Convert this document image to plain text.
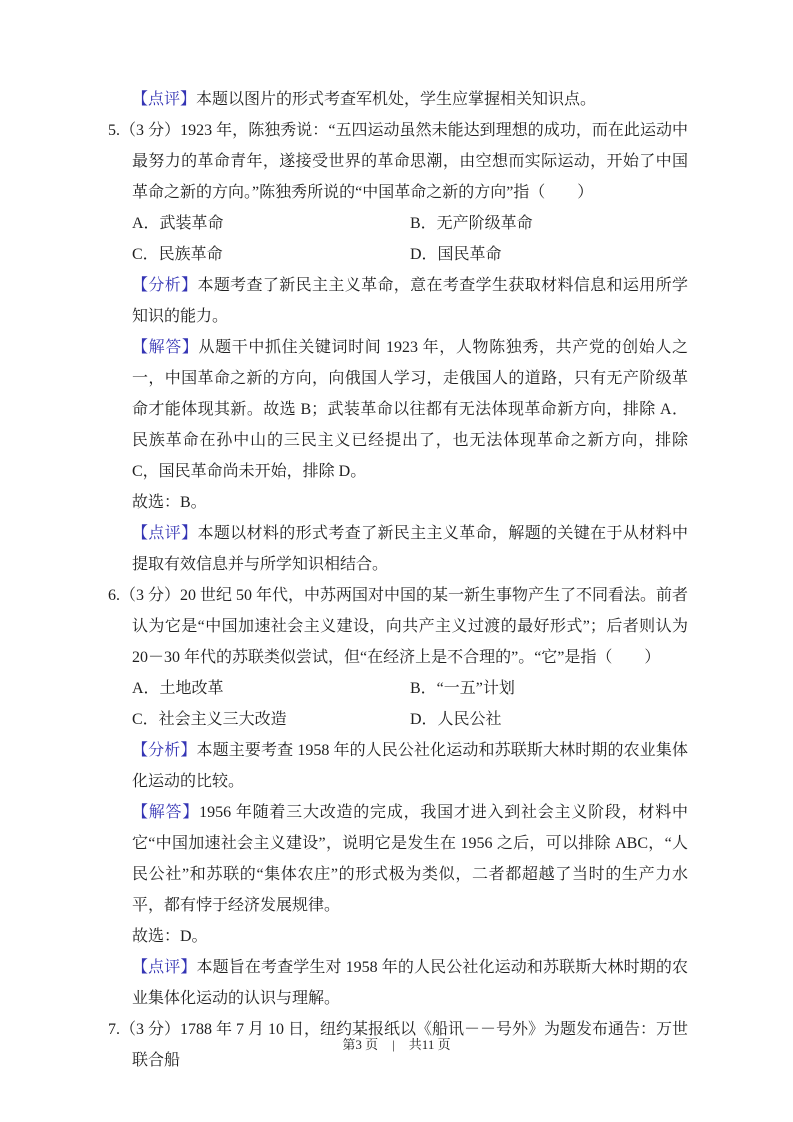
【点评】本题以图片的形式考查军机处，学生应掌握相关知识点。

5.（3 分）1923 年，陈独秀说：“五四运动虽然未能达到理想的成功，而在此运动中最努力的革命青年，遂接受世界的革命思潮，由空想而实际运动，开始了中国革命之新的方向。”陈独秀所说的“中国革命之新的方向”指（　　）

A．武装革命	B．无产阶级革命
C．民族革命	D．国民革命

【分析】本题考查了新民主主义革命，意在考查学生获取材料信息和运用所学知识的能力。

【解答】从题干中抓住关键词时间 1923 年，人物陈独秀，共产党的创始人之一，中国革命之新的方向，向俄国人学习，走俄国人的道路，只有无产阶级革命才能体现其新。故选 B；武装革命以往都有无法体现革命新方向，排除 A．民族革命在孙中山的三民主义已经提出了，也无法体现革命之新方向，排除 C，国民革命尚未开始，排除 D。

故选：B。

【点评】本题以材料的形式考查了新民主主义革命，解题的关键在于从材料中提取有效信息并与所学知识相结合。

6.（3 分）20 世纪 50 年代，中苏两国对中国的某一新生事物产生了不同看法。前者认为它是“中国加速社会主义建设，向共产主义过渡的最好形式”；后者则认为 20－30 年代的苏联类似尝试，但“在经济上是不合理的”。“它”是指（　　）

A．土地改革	B．“一五”计划
C．社会主义三大改造	D．人民公社

【分析】本题主要考查 1958 年的人民公社化运动和苏联斯大林时期的农业集体化运动的比较。

【解答】1956 年随着三大改造的完成，我国才进入到社会主义阶段，材料中它“中国加速社会主义建设”，说明它是发生在 1956 之后，可以排除 ABC，“人民公社”和苏联的“集体农庄”的形式极为类似，二者都超越了当时的生产力水平，都有悖于经济发展规律。

故选：D。

【点评】本题旨在考查学生对 1958 年的人民公社化运动和苏联斯大林时期的农业集体化运动的认识与理解。

7.（3 分）1788 年 7 月 10 日，纽约某报纸以《船讯－－号外》为题发布通告：万世联合船

第3 页 | 共11 页
